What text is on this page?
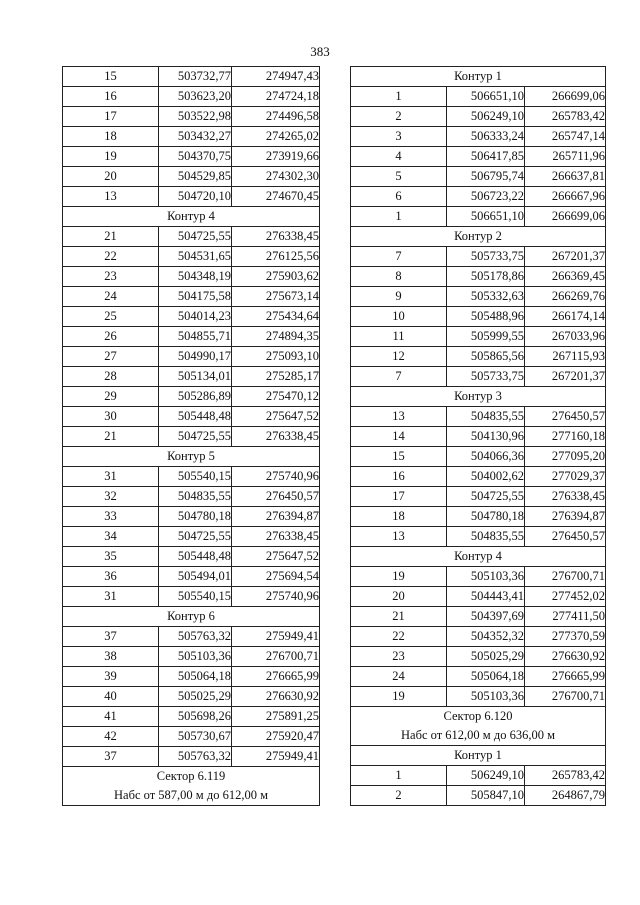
383
15	503732,77	274947,43
16	503623,20	274724,18
17	503522,98	274496,58
18	503432,27	274265,02
19	504370,75	273919,66
20	504529,85	274302,30
13	504720,10	274670,45
Контур 4		
21	504725,55	276338,45
22	504531,65	276125,56
23	504348,19	275903,62
24	504175,58	275673,14
25	504014,23	275434,64
26	504855,71	274894,35
27	504990,17	275093,10
28	505134,01	275285,17
29	505286,89	275470,12
30	505448,48	275647,52
21	504725,55	276338,45
Контур 5		
31	505540,15	275740,96
32	504835,55	276450,57
33	504780,18	276394,87
34	504725,55	276338,45
35	505448,48	275647,52
36	505494,01	275694,54
31	505540,15	275740,96
Контур 6		
37	505763,32	275949,41
38	505103,36	276700,71
39	505064,18	276665,99
40	505025,29	276630,92
41	505698,26	275891,25
42	505730,67	275920,47
37	505763,32	275949,41

Сектор 6.119
Набс от 587,00 м до 612,00 м		
Контур 1		
1	506651,10	266699,06
2	506249,10	265783,42
3	506333,24	265747,14
4	506417,85	265711,96
5	506795,74	266637,81
6	506723,22	266667,96
1	506651,10	266699,06
Контур 2		
7	505733,75	267201,37
8	505178,86	266369,45
9	505332,63	266269,76
10	505488,96	266174,14
11	505999,55	267033,96
12	505865,56	267115,93
7	505733,75	267201,37
Контур 3		
13	504835,55	276450,57
14	504130,96	277160,18
15	504066,36	277095,20
16	504002,62	277029,37
17	504725,55	276338,45
18	504780,18	276394,87
13	504835,55	276450,57
Контур 4		
19	505103,36	276700,71
20	504443,41	277452,02
21	504397,69	277411,50
22	504352,32	277370,59
23	505025,29	276630,92
24	505064,18	276665,99
19	505103,36	276700,71

Сектор 6.120
Набс от 612,00 м до 636,00 м		

Контур 1		
1	506249,10	265783,42
2	505847,10	264867,79
